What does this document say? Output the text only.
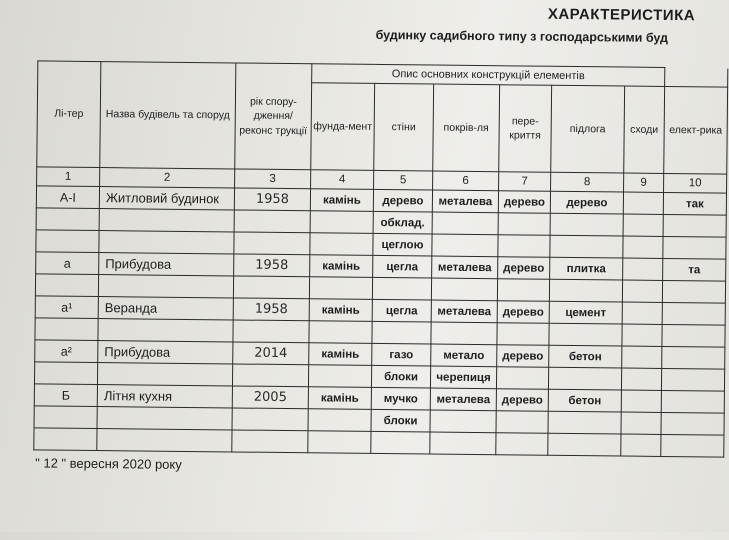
ХАРАКТЕРИСТИКА
будинку садибного типу з господарськими буд
Лі-тер	Назва будівель та споруд	рік спору-дження/ реконс трукції	Опис основних конструкцій елементів						
			фунда-мент	стіни	покрів-ля	пере-криття	підлога	сходи	елект-рика
1	2	3	4	5	6	7	8	9	10
А-І	Житловий будинок	1958	камінь	дерево	металева	дерево	дерево		так
				обклад.					
				цеглою					
а	Прибудова	1958	камінь	цегла	металева	дерево	плитка		та

а¹	Веранда	1958	камінь	цегла	металева	дерево	цемент		

а²	Прибудова	2014	камінь	газо	метало	дерево	бетон		
				блоки	черепиця				
Б	Літня кухня	2005	камінь	мучко	металева	дерево	бетон		
				блоки					

" 12 " вересня 2020 року
